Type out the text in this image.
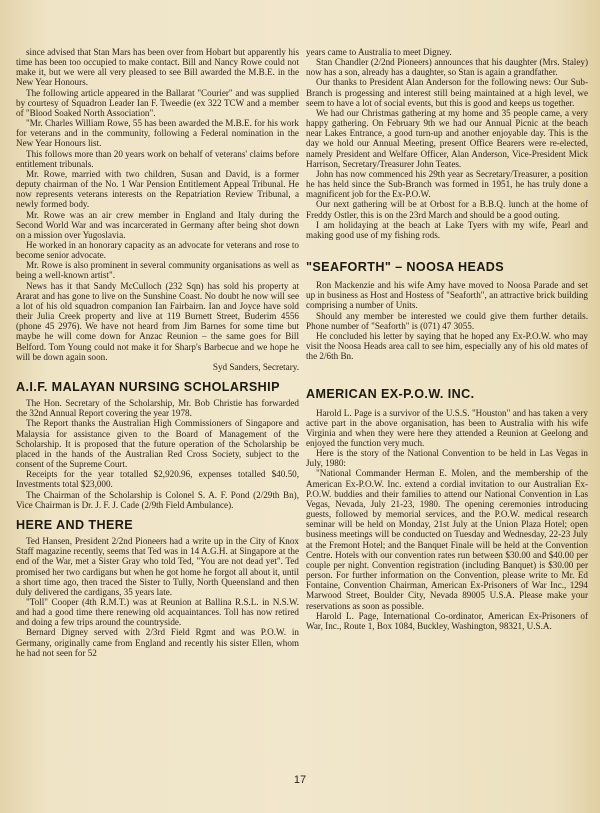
since advised that Stan Mars has been over from Hobart but apparently his time has been too occupied to make contact. Bill and Nancy Rowe could not make it, but we were all very pleased to see Bill awarded the M.B.E. in the New Year Honours.

The following article appeared in the Ballarat "Courier" and was supplied by courtesy of Squadron Leader Ian F. Tweedie (ex 322 TCW and a member of "Blood Soaked North Association".

"Mr. Charles William Rowe, 55 has been awarded the M.B.E. for his work for veterans and in the community, following a Federal nomination in the New Year Honours list.

This follows more than 20 years work on behalf of veterans' claims before entitlement tribunals.

Mr. Rowe, married with two children, Susan and David, is a former deputy chairman of the No. 1 War Pension Entitlement Appeal Tribunal. He now represents veterans interests on the Repatriation Review Tribunal, a newly formed body.

Mr. Rowe was an air crew member in England and Italy during the Second World War and was incarcerated in Germany after being shot down on a mission over Yugoslavia.

He worked in an honorary capacity as an advocate for veterans and rose to become senior advocate.

Mr. Rowe is also prominent in several community organisations as well as being a well-known artist".

News has it that Sandy McCulloch (232 Sqn) has sold his property at Ararat and has gone to live on the Sunshine Coast. No doubt he now will see a lot of his old squadron companion Ian Fairbairn. Ian and Joyce have sold their Julia Creek property and live at 119 Burnett Street, Buderim 4556 (phone 45 2976). We have not heard from Jim Barnes for some time but maybe he will come down for Anzac Reunion – the same goes for Bill Belford. Tom Young could not make it for Sharp's Barbecue and we hope he will be down again soon.

Syd Sanders, Secretary.

A.I.F. MALAYAN NURSING SCHOLARSHIP

The Hon. Secretary of the Scholarship, Mr. Bob Christie has forwarded the 32nd Annual Report covering the year 1978.

The Report thanks the Australian High Commissioners of Singapore and Malaysia for assistance given to the Board of Management of the Scholarship. It is proposed that the future operation of the Scholarship be placed in the hands of the Australian Red Cross Society, subject to the consent of the Supreme Court.

Receipts for the year totalled $2,920.96, expenses totalled $40.50, Investments total $23,000.

The Chairman of the Scholarship is Colonel S. A. F. Pond (2/29th Bn), Vice Chairman is Dr. J. F. J. Cade (2/9th Field Ambulance).

HERE AND THERE

Ted Hansen, President 2/2nd Pioneers had a write up in the City of Knox Staff magazine recently, seems that Ted was in 14 A.G.H. at Singapore at the end of the War, met a Sister Gray who told Ted, "You are not dead yet". Ted promised her two cardigans but when he got home he forgot all about it, until a short time ago, then traced the Sister to Tully, North Queensland and then duly delivered the cardigans, 35 years late.

"Toll" Cooper (4th R.M.T.) was at Reunion at Ballina R.S.L. in N.S.W. and had a good time there renewing old acquaintances. Toll has now retired and doing a few trips around the countryside.

Bernard Digney served with 2/3rd Field Rgmt and was P.O.W. in Germany, originally came from England and recently his sister Ellen, whom he had not seen for 52

years came to Australia to meet Digney.

Stan Chandler (2/2nd Pioneers) announces that his daughter (Mrs. Staley) now has a son, already has a daughter, so Stan is again a grandfather.

Our thanks to President Alan Anderson for the following news: Our Sub-Branch is progessing and interest still being maintained at a high level, we seem to have a lot of social events, but this is good and keeps us together.

We had our Christmas gathering at my home and 35 people came, a very happy gathering. On February 9th we had our Annual Picnic at the beach near Lakes Entrance, a good turn-up and another enjoyable day. This is the day we hold our Annual Meeting, present Office Bearers were re-elected, namely President and Welfare Officer, Alan Anderson, Vice-President Mick Harrison, Secretary/Treasurer John Teates.

John has now commenced his 29th year as Secretary/Treasurer, a position he has held since the Sub-Branch was formed in 1951, he has truly done a magnificent job for the Ex-P.O.W.

Our next gathering will be at Orbost for a B.B.Q. lunch at the home of Freddy Ostler, this is on the 23rd March and should be a good outing.

I am holidaying at the beach at Lake Tyers with my wife, Pearl and making good use of my fishing rods.

"SEAFORTH" – NOOSA HEADS

Ron Mackenzie and his wife Amy have moved to Noosa Parade and set up in business as Host and Hostess of "Seaforth", an attractive brick building comprising a number of Units.

Should any member be interested we could give them further details. Phone number of "Seaforth" is (071) 47 3055.

He concluded his letter by saying that he hoped any Ex-P.O.W. who may visit the Noosa Heads area call to see him, especially any of his old mates of the 2/6th Bn.

AMERICAN EX-P.O.W. INC.

Harold L. Page is a survivor of the U.S.S. "Houston" and has taken a very active part in the above organisation, has been to Australia with his wife Virginia and when they were here they attended a Reunion at Geelong and enjoyed the function very much.

Here is the story of the National Convention to be held in Las Vegas in July, 1980:

"National Commander Herman E. Molen, and the membership of the American Ex-P.O.W. Inc. extend a cordial invitation to our Australian Ex-P.O.W. buddies and their families to attend our National Convention in Las Vegas, Nevada, July 21-23, 1980. The opening ceremonies introducing guests, followed by memorial services, and the P.O.W. medical research seminar will be held on Monday, 21st July at the Union Plaza Hotel; open business meetings will be conducted on Tuesday and Wednesday, 22-23 July at the Fremont Hotel; and the Banquet Finale will be held at the Convention Centre. Hotels with our convention rates run between $30.00 and $40.00 per couple per night. Convention registration (including Banquet) is $30.00 per person. For further information on the Convention, please write to Mr. Ed Fontaine, Convention Chairman, American Ex-Prisoners of War Inc., 1294 Marwood Street, Boulder City, Nevada 89005 U.S.A. Please make your reservations as soon as possible.

Harold L. Page, International Co-ordinator, American Ex-Prisoners of War, Inc., Route 1, Box 1084, Buckley, Washington, 98321, U.S.A.

17
